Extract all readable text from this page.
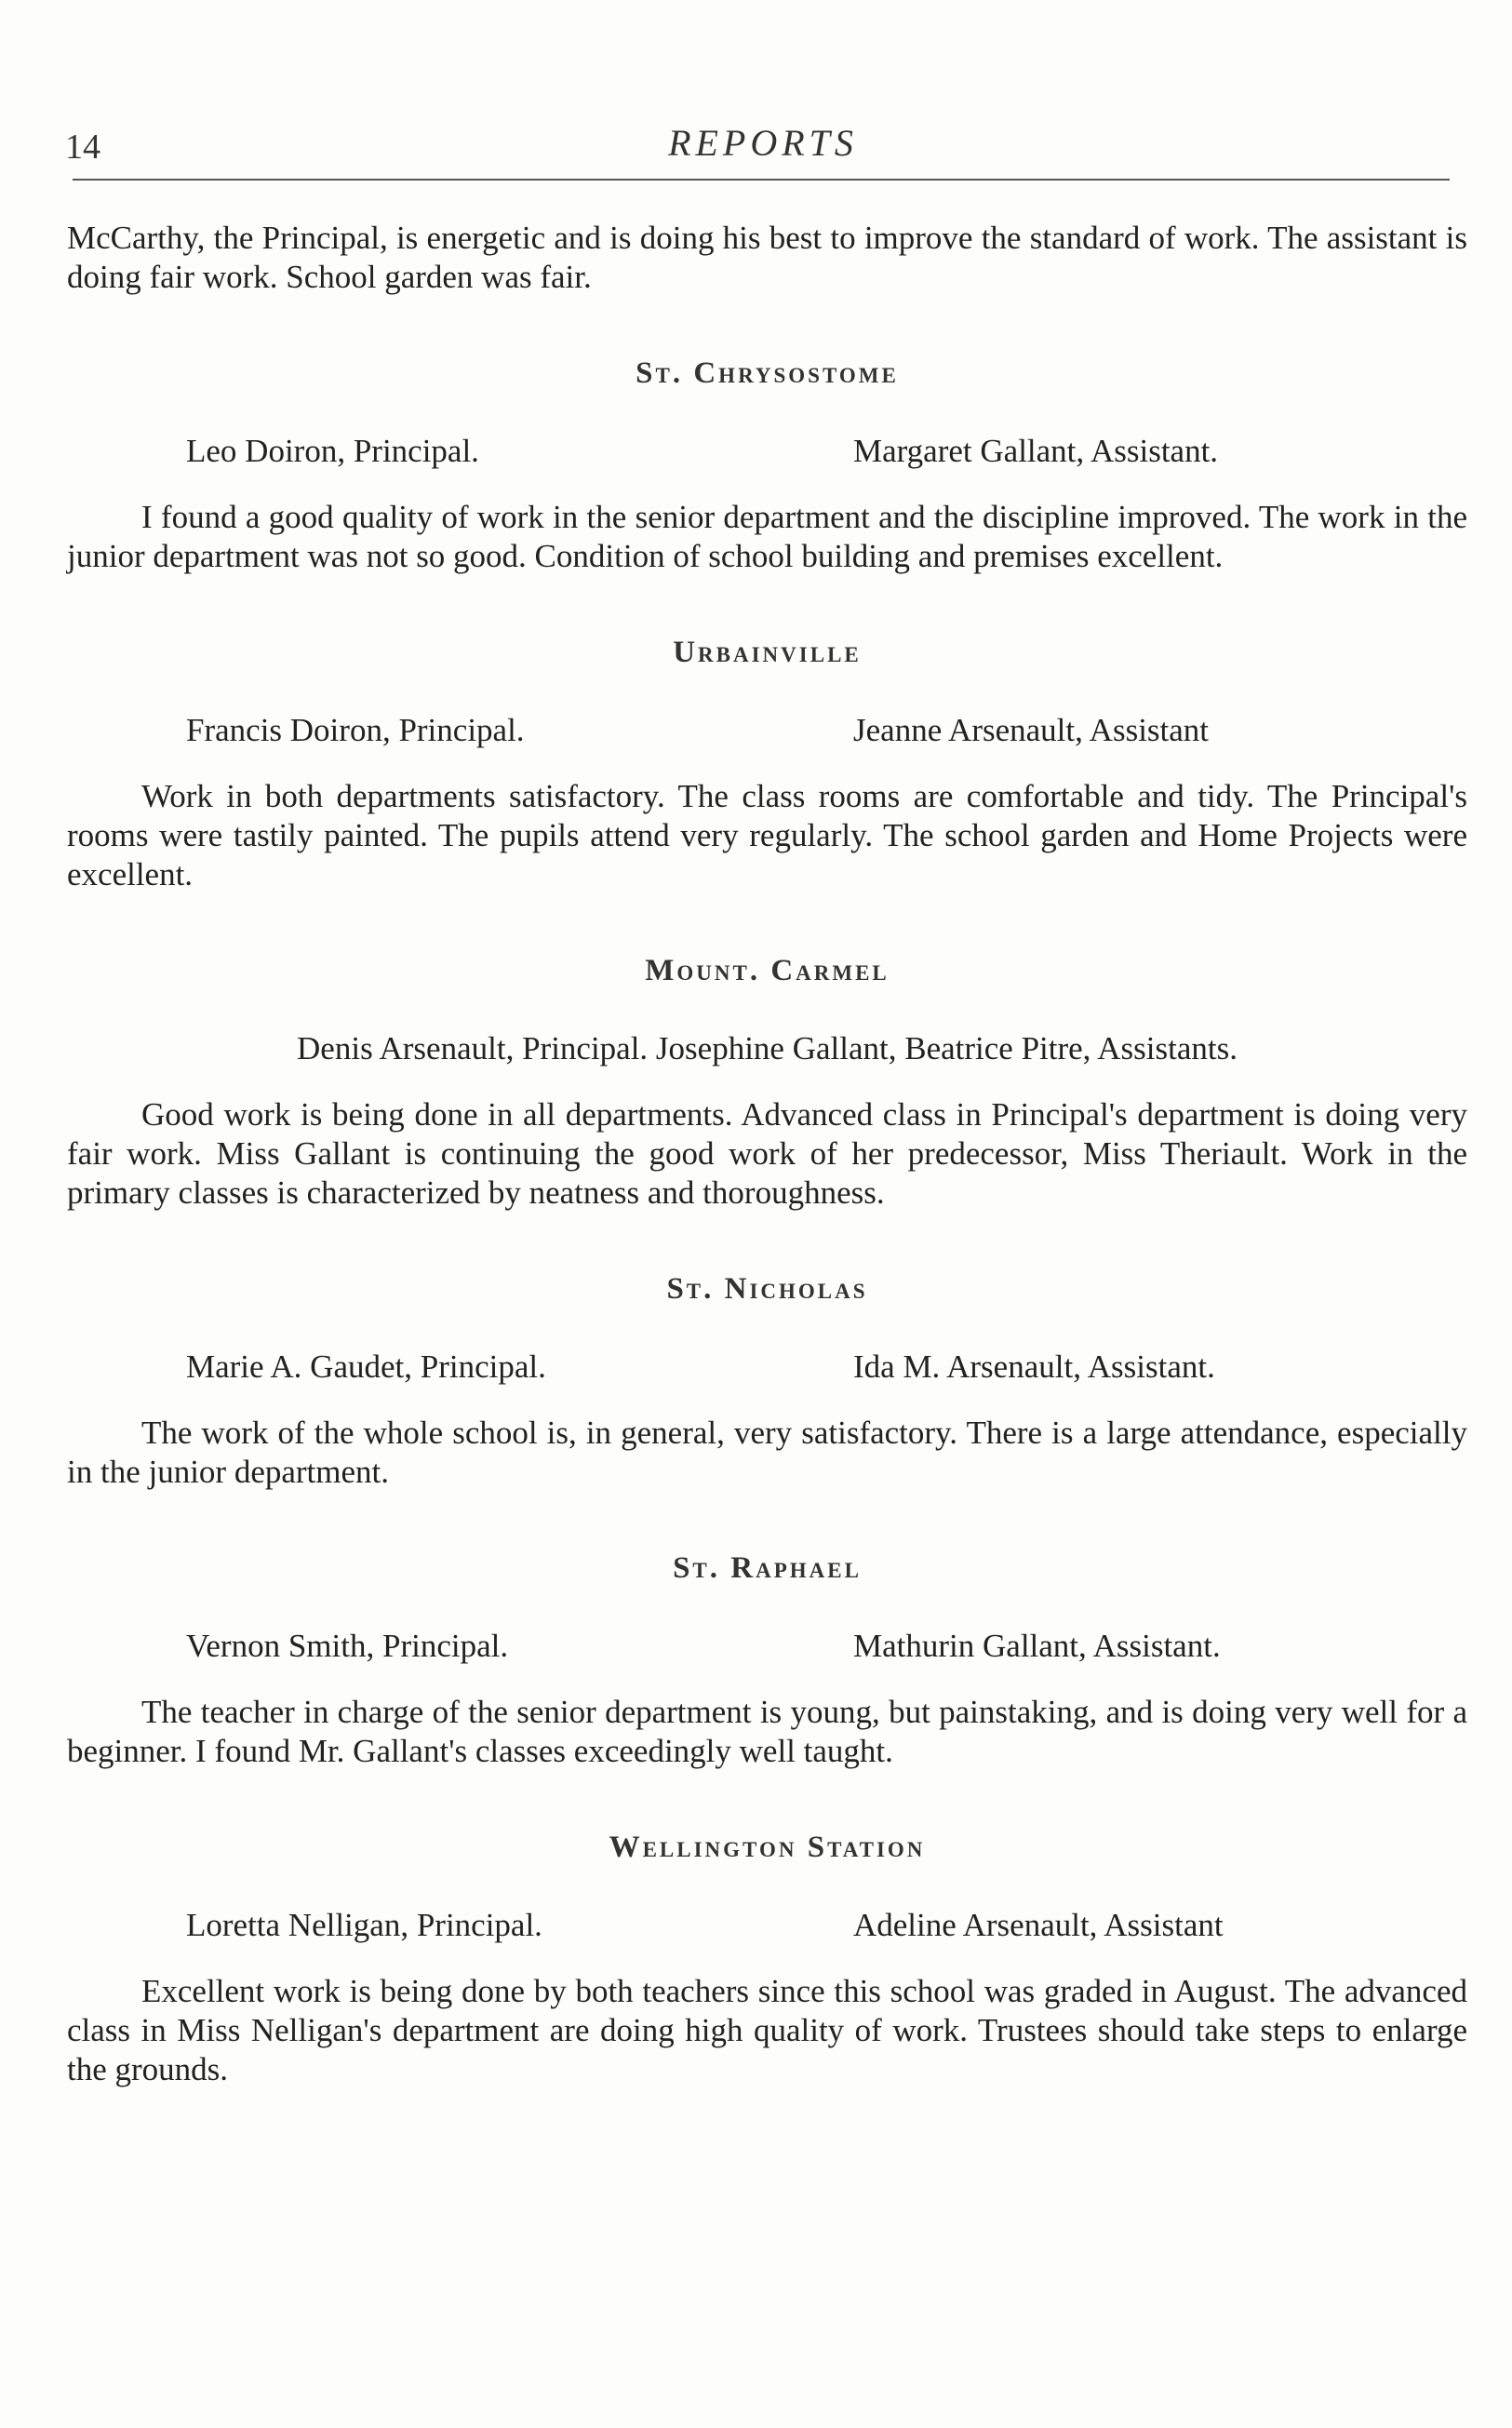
14	REPORTS

McCarthy, the Principal, is energetic and is doing his best to improve the standard of work. The assistant is doing fair work. School garden was fair.

St. Chrysostome
Leo Doiron, Principal.	Margaret Gallant, Assistant.

I found a good quality of work in the senior department and the discipline improved. The work in the junior department was not so good. Condition of school building and premises excellent.

Urbainville
Francis Doiron, Principal.	Jeanne Arsenault, Assistant

Work in both departments satisfactory. The class rooms are comfortable and tidy. The Principal's rooms were tastily painted. The pupils attend very regularly. The school garden and Home Projects were excellent.

Mount. Carmel
Denis Arsenault, Principal. Josephine Gallant, Beatrice Pitre, Assistants.

Good work is being done in all departments. Advanced class in Principal's department is doing very fair work. Miss Gallant is continuing the good work of her predecessor, Miss Theriault. Work in the primary classes is characterized by neatness and thoroughness.

St. Nicholas
Marie A. Gaudet, Principal.	Ida M. Arsenault, Assistant.

The work of the whole school is, in general, very satisfactory. There is a large attendance, especially in the junior department.

St. Raphael
Vernon Smith, Principal.	Mathurin Gallant, Assistant.

The teacher in charge of the senior department is young, but painstaking, and is doing very well for a beginner. I found Mr. Gallant's classes exceedingly well taught.

Wellington Station
Loretta Nelligan, Principal.	Adeline Arsenault, Assistant

Excellent work is being done by both teachers since this school was graded in August. The advanced class in Miss Nelligan's department are doing high quality of work. Trustees should take steps to enlarge the grounds.
